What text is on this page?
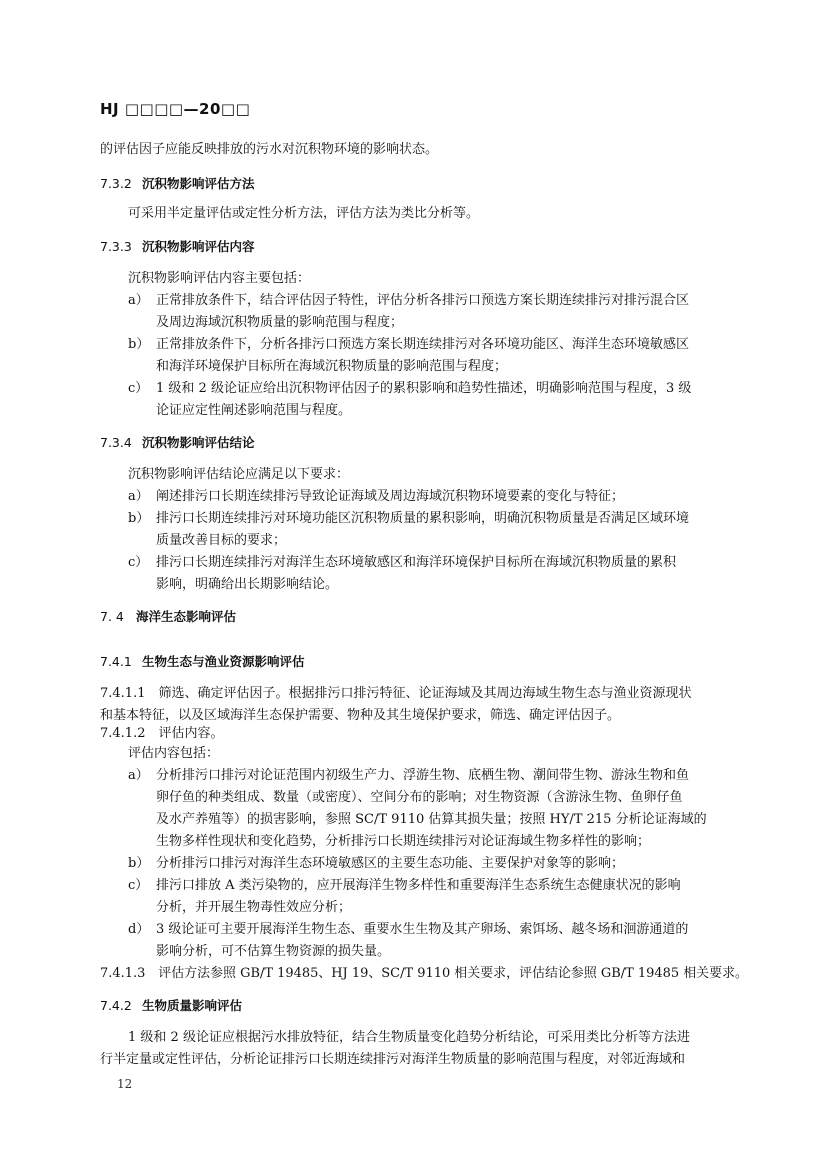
HJ □□□□—20□□
的评估因子应能反映排放的污水对沉积物环境的影响状态。
7.3.2 沉积物影响评估方法
可采用半定量评估或定性分析方法，评估方法为类比分析等。
7.3.3 沉积物影响评估内容
沉积物影响评估内容主要包括：
a） 正常排放条件下，结合评估因子特性，评估分析各排污口预选方案长期连续排污对排污混合区
及周边海域沉积物质量的影响范围与程度；
b） 正常排放条件下，分析各排污口预选方案长期连续排污对各环境功能区、海洋生态环境敏感区
和海洋环境保护目标所在海域沉积物质量的影响范围与程度；
c） 1 级和 2 级论证应给出沉积物评估因子的累积影响和趋势性描述，明确影响范围与程度，3 级
论证应定性阐述影响范围与程度。
7.3.4 沉积物影响评估结论
沉积物影响评估结论应满足以下要求：
a） 阐述排污口长期连续排污导致论证海域及周边海域沉积物环境要素的变化与特征；
b） 排污口长期连续排污对环境功能区沉积物质量的累积影响，明确沉积物质量是否满足区域环境
质量改善目标的要求；
c） 排污口长期连续排污对海洋生态环境敏感区和海洋环境保护目标所在海域沉积物质量的累积
影响，明确给出长期影响结论。
7. 4 海洋生态影响评估
7.4.1 生物生态与渔业资源影响评估
7.4.1.1　筛选、确定评估因子。根据排污口排污特征、论证海域及其周边海域生物生态与渔业资源现状
和基本特征，以及区域海洋生态保护需要、物种及其生境保护要求，筛选、确定评估因子。
7.4.1.2　评估内容。
评估内容包括：
a） 分析排污口排污对论证范围内初级生产力、浮游生物、底栖生物、潮间带生物、游泳生物和鱼
卵仔鱼的种类组成、数量（或密度）、空间分布的影响；对生物资源（含游泳生物、鱼卵仔鱼
及水产养殖等）的损害影响，参照 SC/T 9110 估算其损失量；按照 HY/T 215 分析论证海域的
生物多样性现状和变化趋势，分析排污口长期连续排污对论证海域生物多样性的影响；
b） 分析排污口排污对海洋生态环境敏感区的主要生态功能、主要保护对象等的影响；
c） 排污口排放 A 类污染物的，应开展海洋生物多样性和重要海洋生态系统生态健康状况的影响
分析，并开展生物毒性效应分析；
d） 3 级论证可主要开展海洋生物生态、重要水生生物及其产卵场、索饵场、越冬场和洄游通道的
影响分析，可不估算生物资源的损失量。
7.4.1.3　评估方法参照 GB/T 19485、HJ 19、SC/T 9110 相关要求，评估结论参照 GB/T 19485 相关要求。
7.4.2 生物质量影响评估
1 级和 2 级论证应根据污水排放特征，结合生物质量变化趋势分析结论，可采用类比分析等方法进
行半定量或定性评估，分析论证排污口长期连续排污对海洋生物质量的影响范围与程度，对邻近海域和
12
